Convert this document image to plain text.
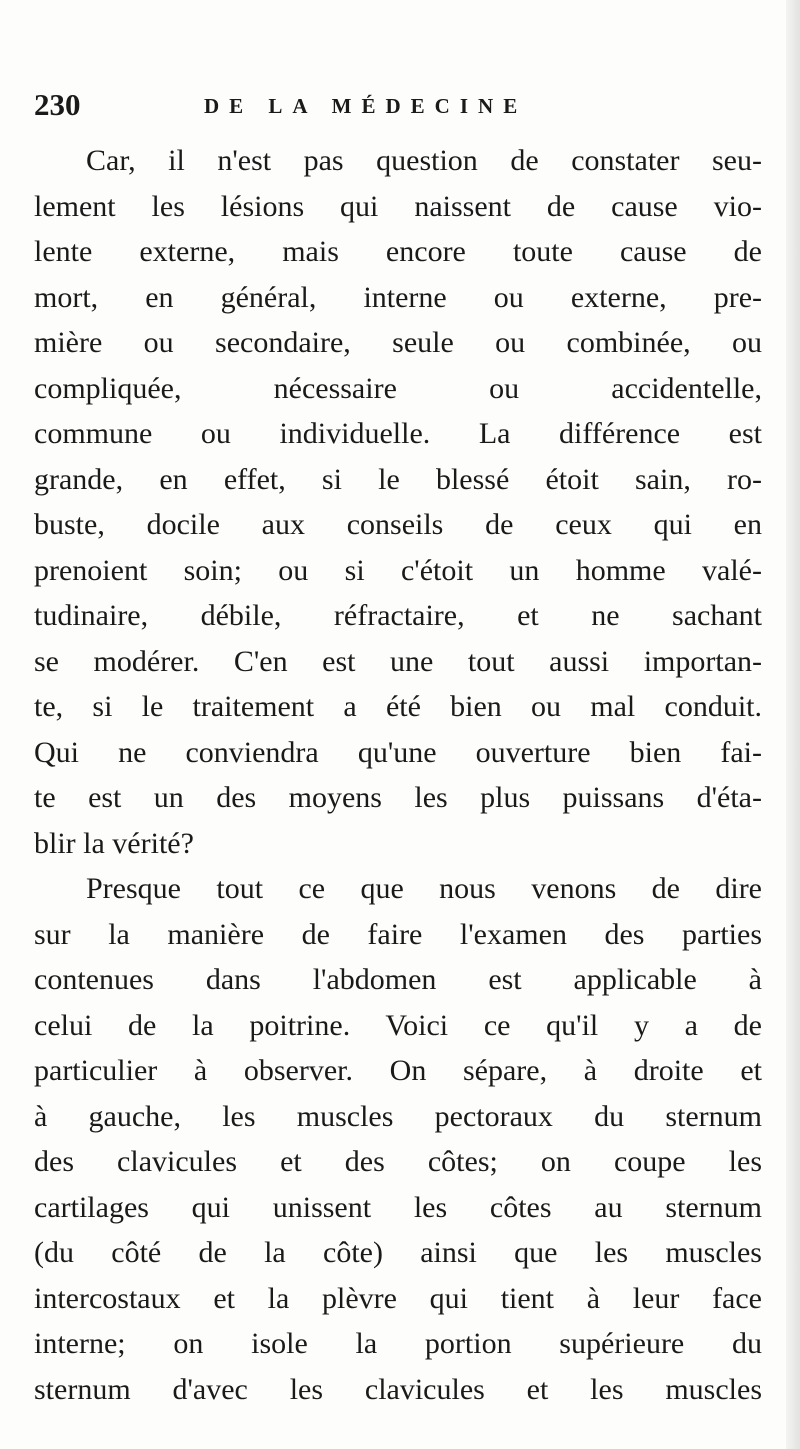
230	DE LA MÉDECINE
Car, il n'est pas question de constater seu-
lement les lésions qui naissent de cause vio-
lente externe, mais encore toute cause de
mort, en général, interne ou externe, pre-
mière ou secondaire, seule ou combinée, ou
compliquée, nécessaire ou accidentelle,
commune ou individuelle. La différence est
grande, en effet, si le blessé étoit sain, ro-
buste, docile aux conseils de ceux qui en
prenoient soin; ou si c'étoit un homme valé-
tudinaire, débile, réfractaire, et ne sachant
se modérer. C'en est une tout aussi importan-
te, si le traitement a été bien ou mal conduit.
Qui ne conviendra qu'une ouverture bien fai-
te est un des moyens les plus puissans d'éta-
blir la vérité?
Presque tout ce que nous venons de dire
sur la manière de faire l'examen des parties
contenues dans l'abdomen est applicable à
celui de la poitrine. Voici ce qu'il y a de
particulier à observer. On sépare, à droite et
à gauche, les muscles pectoraux du sternum
des clavicules et des côtes; on coupe les
cartilages qui unissent les côtes au sternum
(du côté de la côte) ainsi que les muscles
intercostaux et la plèvre qui tient à leur face
interne; on isole la portion supérieure du
sternum d'avec les clavicules et les muscles
